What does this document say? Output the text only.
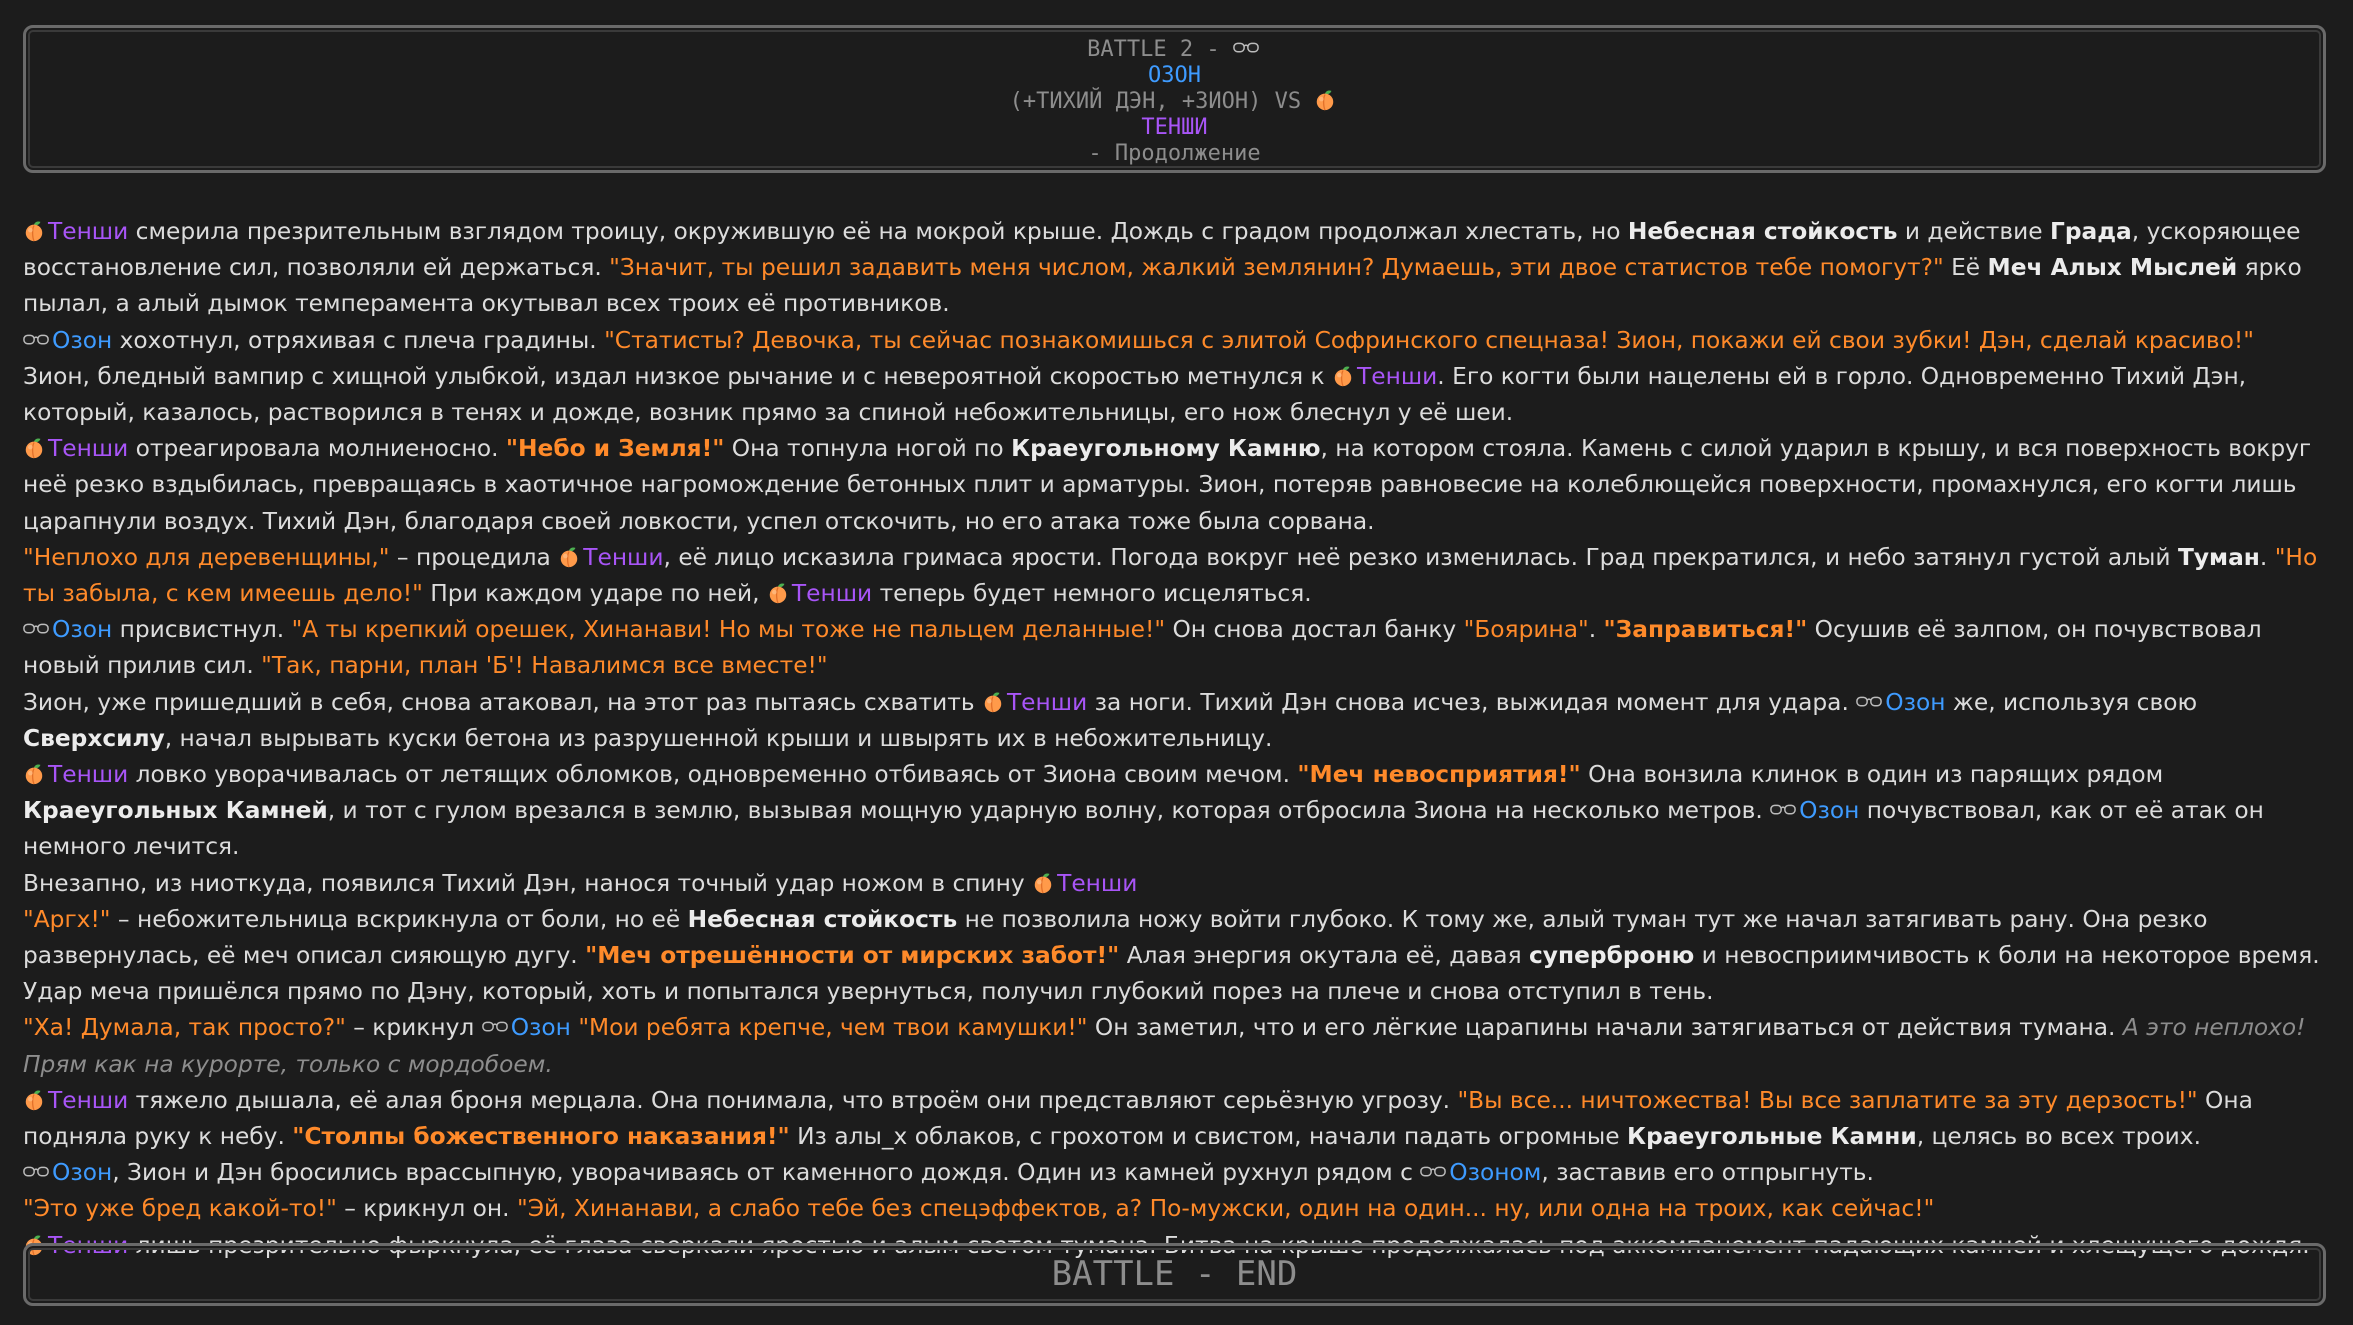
BATTLE 2 -
ОЗОН
(+ТИХИЙ ДЭН, +ЗИОН) VS
ТЕНШИ
- Продолжение
Тенши смерила презрительным взглядом троицу, окружившую её на мокрой крыше. Дождь с градом продолжал хлестать, но Небесная стойкость и действие Града, ускоряющее восстановление сил, позволяли ей держаться. "Значит, ты решил задавить меня числом, жалкий землянин? Думаешь, эти двое статистов тебе помогут?" Её Меч Алых Мыслей ярко пылал, а алый дымок темперамента окутывал всех троих её противников.
Озон хохотнул, отряхивая с плеча градины. "Статисты? Девочка, ты сейчас познакомишься с элитой Софринского спецназа! Зион, покажи ей свои зубки! Дэн, сделай красиво!"
Зион, бледный вампир с хищной улыбкой, издал низкое рычание и с невероятной скоростью метнулся к Тенши. Его когти были нацелены ей в горло. Одновременно Тихий Дэн, который, казалось, растворился в тенях и дожде, возник прямо за спиной небожительницы, его нож блеснул у её шеи.
Тенши отреагировала молниеносно. "Небо и Земля!" Она топнула ногой по Краеугольному Камню, на котором стояла. Камень с силой ударил в крышу, и вся поверхность вокруг неё резко вздыбилась, превращаясь в хаотичное нагромождение бетонных плит и арматуры. Зион, потеряв равновесие на колеблющейся поверхности, промахнулся, его когти лишь царапнули воздух. Тихий Дэн, благодаря своей ловкости, успел отскочить, но его атака тоже была сорвана.
"Неплохо для деревенщины," – процедила Тенши, её лицо исказила гримаса ярости. Погода вокруг неё резко изменилась. Град прекратился, и небо затянул густой алый Туман. "Но ты забыла, с кем имеешь дело!" При каждом ударе по ней, Тенши теперь будет немного исцеляться.
Озон присвистнул. "А ты крепкий орешек, Хинанави! Но мы тоже не пальцем деланные!" Он снова достал банку "Боярина". "Заправиться!" Осушив её залпом, он почувствовал новый прилив сил. "Так, парни, план 'Б'! Навалимся все вместе!"
Зион, уже пришедший в себя, снова атаковал, на этот раз пытаясь схватить Тенши за ноги. Тихий Дэн снова исчез, выжидая момент для удара. Озон же, используя свою Сверхсилу, начал вырывать куски бетона из разрушенной крыши и швырять их в небожительницу.
Тенши ловко уворачивалась от летящих обломков, одновременно отбиваясь от Зиона своим мечом. "Меч невосприятия!" Она вонзила клинок в один из парящих рядом Краеугольных Камней, и тот с гулом врезался в землю, вызывая мощную ударную волну, которая отбросила Зиона на несколько метров. Озон почувствовал, как от её атак он немного лечится.
Внезапно, из ниоткуда, появился Тихий Дэн, нанося точный удар ножом в спину Тенши
"Аргх!" – небожительница вскрикнула от боли, но её Небесная стойкость не позволила ножу войти глубоко. К тому же, алый туман тут же начал затягивать рану. Она резко развернулась, её меч описал сияющую дугу. "Меч отрешённости от мирских забот!" Алая энергия окутала её, давая суперброню и невосприимчивость к боли на некоторое время. Удар меча пришёлся прямо по Дэну, который, хоть и попытался увернуться, получил глубокий порез на плече и снова отступил в тень.
"Ха! Думала, так просто?" – крикнул Озон "Мои ребята крепче, чем твои камушки!" Он заметил, что и его лёгкие царапины начали затягиваться от действия тумана. А это неплохо! Прям как на курорте, только с мордобоем.
Тенши тяжело дышала, её алая броня мерцала. Она понимала, что втроём они представляют серьёзную угрозу. "Вы все... ничтожества! Вы все заплатите за эту дерзость!" Она подняла руку к небу. "Столпы божественного наказания!" Из алы_х облаков, с грохотом и свистом, начали падать огромные Краеугольные Камни, целясь во всех троих.
Озон, Зион и Дэн бросились врассыпную, уворачиваясь от каменного дождя. Один из камней рухнул рядом с Озоном, заставив его отпрыгнуть.
"Это уже бред какой-то!" – крикнул он. "Эй, Хинанави, а слабо тебе без спецэффектов, а? По-мужски, один на один... ну, или одна на троих, как сейчас!"
Тенши лишь презрительно фыркнула, её глаза сверкали яростью и алым светом тумана. Битва на крыше продолжалась под аккомпанемент падающих камней и хлещущего дождя.
BATTLE - END
